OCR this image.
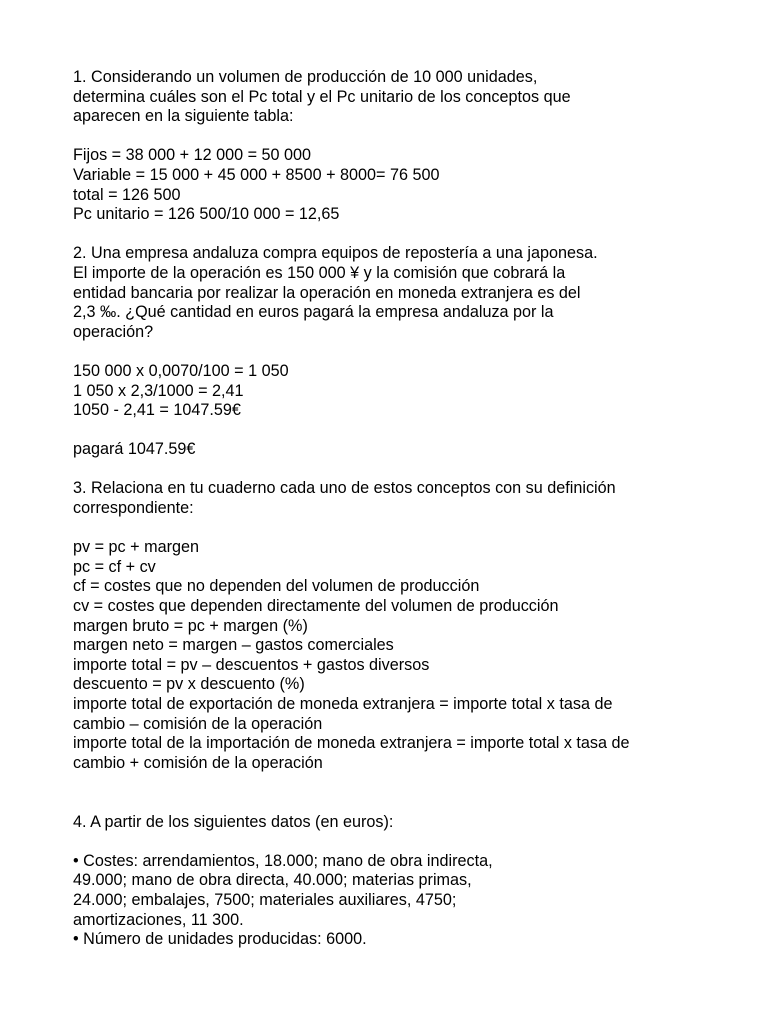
1. Considerando un volumen de producción de 10 000 unidades,
determina cuáles son el Pc total y el Pc unitario de los conceptos que
aparecen en la siguiente tabla:
Fijos = 38 000 + 12 000 = 50 000
Variable = 15 000 + 45 000 + 8500 + 8000= 76 500
total = 126 500
Pc unitario = 126 500/10 000 = 12,65
2. Una empresa andaluza compra equipos de repostería a una japonesa.
El importe de la operación es 150 000 ¥ y la comisión que cobrará la
entidad bancaria por realizar la operación en moneda extranjera es del
2,3 ‰. ¿Qué cantidad en euros pagará la empresa andaluza por la
operación?
150 000 x 0,0070/100 = 1 050
1 050 x 2,3/1000 = 2,41
1050 - 2,41 = 1047.59€
pagará 1047.59€
3. Relaciona en tu cuaderno cada uno de estos conceptos con su definición
correspondiente:
pv = pc + margen
pc = cf + cv
cf = costes que no dependen del volumen de producción
cv = costes que dependen directamente del volumen de producción
margen bruto = pc + margen (%)
margen neto = margen – gastos comerciales
importe total = pv – descuentos + gastos diversos
descuento = pv x descuento (%)
importe total de exportación de moneda extranjera = importe total x tasa de
cambio – comisión de la operación
importe total de la importación de moneda extranjera = importe total x tasa de
cambio + comisión de la operación
4. A partir de los siguientes datos (en euros):
• Costes: arrendamientos, 18.000; mano de obra indirecta,
49.000; mano de obra directa, 40.000; materias primas,
24.000; embalajes, 7500; materiales auxiliares, 4750;
amortizaciones, 11 300.
• Número de unidades producidas: 6000.
